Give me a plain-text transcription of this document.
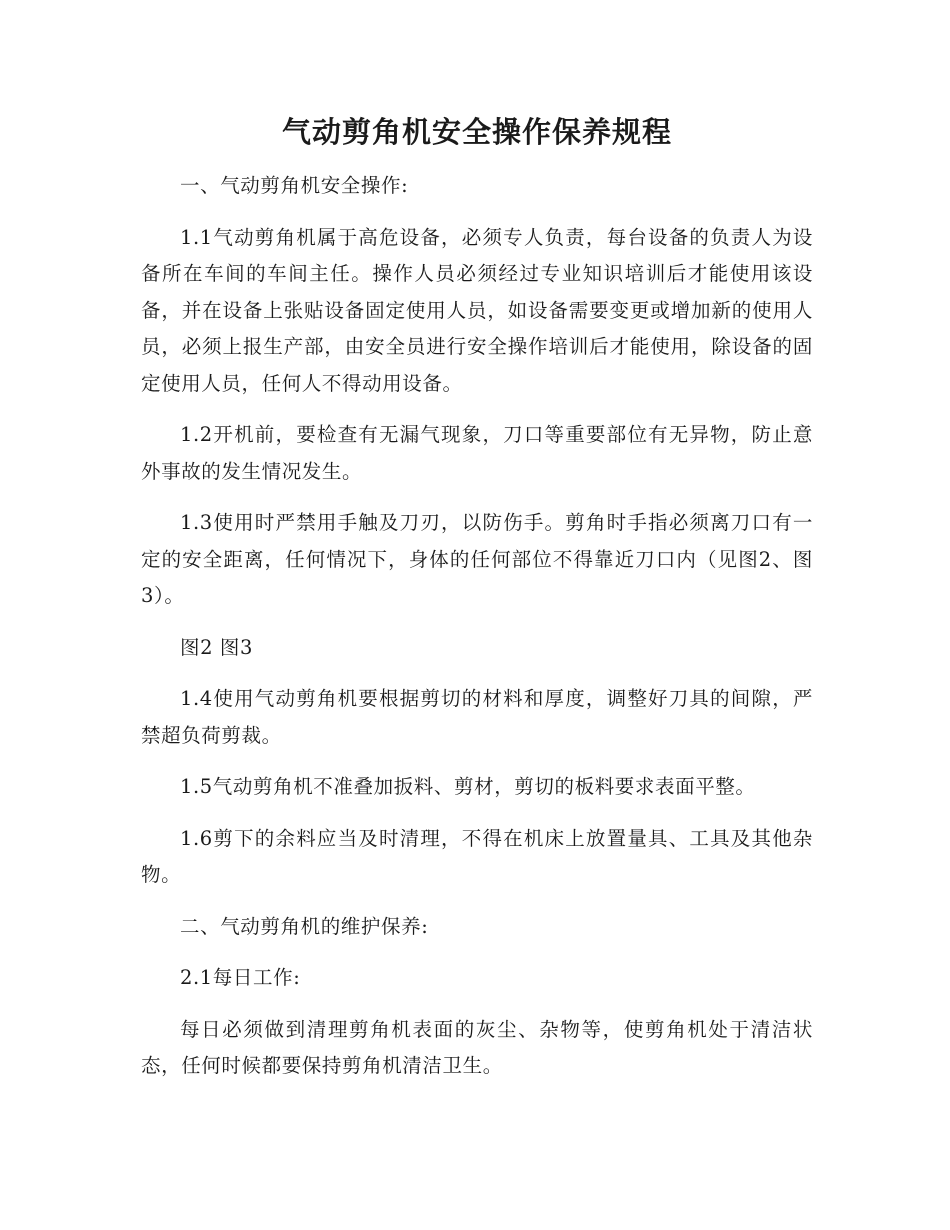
气动剪角机安全操作保养规程

一、气动剪角机安全操作:

1.1气动剪角机属于高危设备，必须专人负责，每台设备的负责人为设备所在车间的车间主任。操作人员必须经过专业知识培训后才能使用该设备，并在设备上张贴设备固定使用人员，如设备需要变更或增加新的使用人员，必须上报生产部，由安全员进行安全操作培训后才能使用，除设备的固定使用人员，任何人不得动用设备。

1.2开机前，要检查有无漏气现象，刀口等重要部位有无异物，防止意外事故的发生情况发生。

1.3使用时严禁用手触及刀刃，以防伤手。剪角时手指必须离刀口有一定的安全距离，任何情况下，身体的任何部位不得靠近刀口内（见图2、图3）。

图2 图3

1.4使用气动剪角机要根据剪切的材料和厚度，调整好刀具的间隙，严禁超负荷剪裁。

1.5气动剪角机不准叠加扳料、剪材，剪切的板料要求表面平整。

1.6剪下的余料应当及时清理，不得在机床上放置量具、工具及其他杂物。

二、气动剪角机的维护保养:

2.1每日工作:

每日必须做到清理剪角机表面的灰尘、杂物等，使剪角机处于清洁状态，任何时候都要保持剪角机清洁卫生。
